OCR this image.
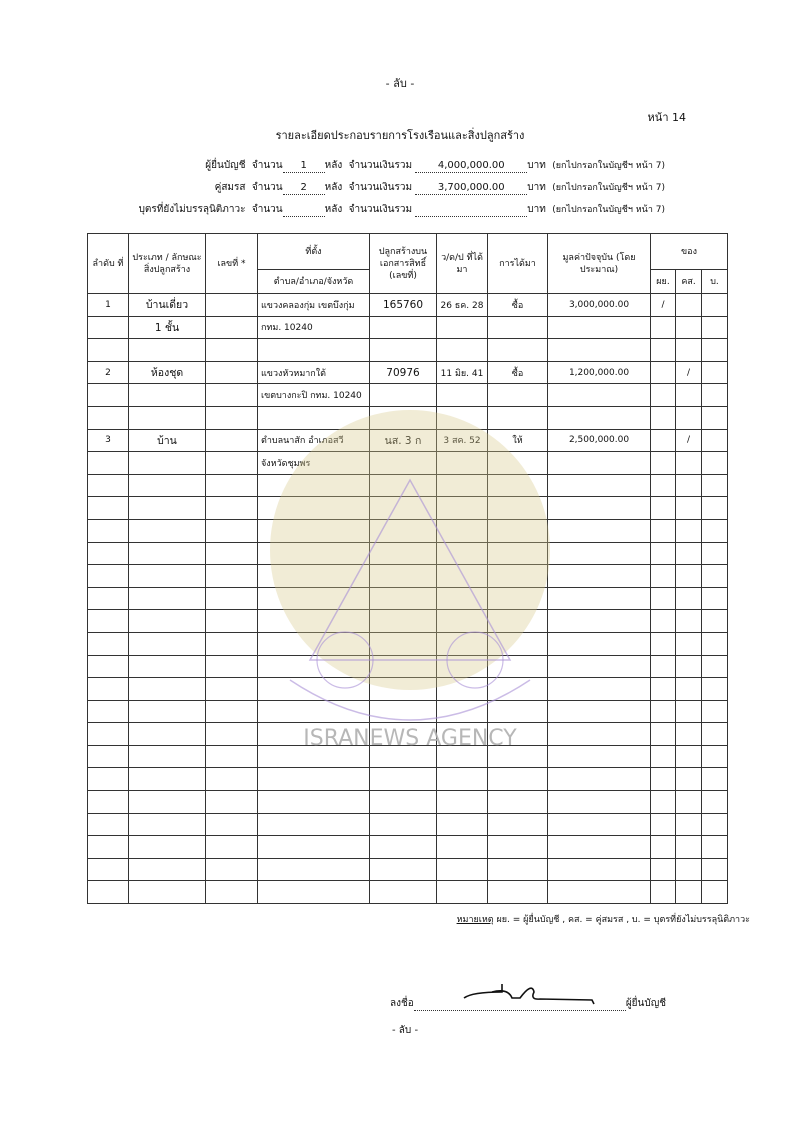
- ลับ -
หน้า 14
รายละเอียดประกอบรายการโรงเรือนและสิ่งปลูกสร้าง
ผู้ยื่นบัญชี จำนวน 1 หลัง จำนวนเงินรวม	4,000,000.00 บาท (ยกไปกรอกในบัญชีฯ หน้า 7)
คู่สมรส จำนวน 2 หลัง จำนวนเงินรวม	3,700,000.00 บาท (ยกไปกรอกในบัญชีฯ หน้า 7)
บุตรที่ยังไม่บรรลุนิติภาวะ จำนวน	หลัง จำนวนเงินรวม	บาท (ยกไปกรอกในบัญชีฯ หน้า 7)
ลำดับ ที่	ประเภท / ลักษณะ สิ่งปลูกสร้าง	เลขที่ *	ที่ตั้ง	ปลูกสร้างบน เอกสารสิทธิ์ (เลขที่)	ว/ด/ป ที่ได้มา	การได้มา	มูลค่าปัจจุบัน (โดยประมาณ)	ของ		
			ตำบล/อำเภอ/จังหวัด					ผย.	คส.	บ.
1	บ้านเดี่ยว		แขวงคลองกุ่ม เขตบึงกุ่ม	165760	26 ธค. 28	ซื้อ	3,000,000.00	/		
	1 ชั้น		กทม. 10240							

2	ห้องชุด		แขวงหัวหมากใต้	70976	11 มิย. 41	ซื้อ	1,200,000.00		/	
			เขตบางกะปิ กทม. 10240							

3	บ้าน		ตำบลนาสัก อำเภอสวี	นส. 3 ก	3 สค. 52	ให้	2,500,000.00		/	
			จังหวัดชุมพร							

ISRANEWS AGENCY
หมายเหตุ ผย. = ผู้ยื่นบัญชี , คส. = คู่สมรส , บ. = บุตรที่ยังไม่บรรลุนิติภาวะ
ลงชื่อ	ผู้ยื่นบัญชี
- ลับ -
